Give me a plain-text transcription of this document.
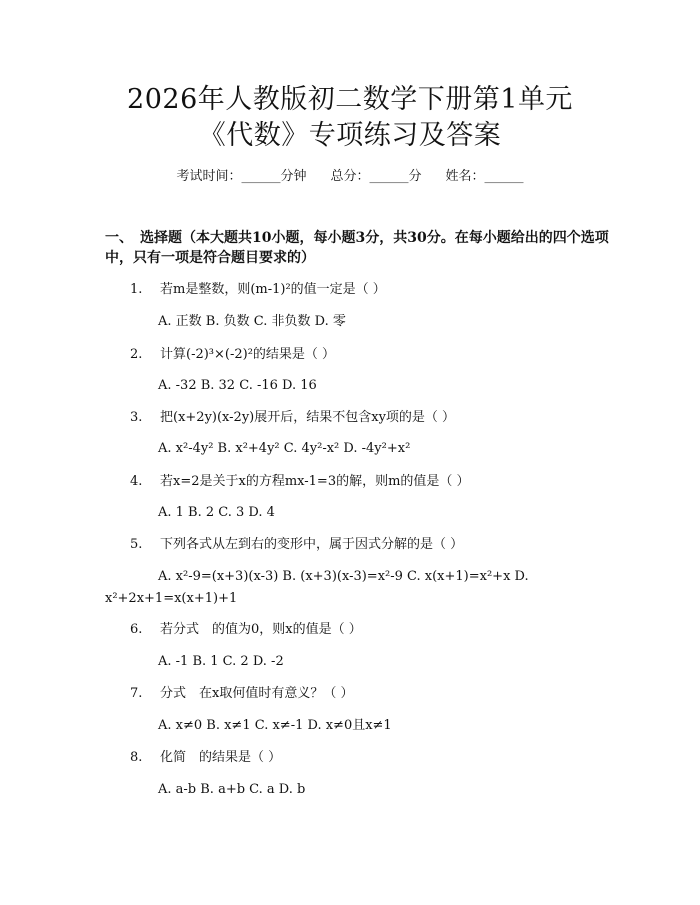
2026年人教版初二数学下册第1单元《代数》专项练习及答案
考试时间：______分钟 总分：______分 姓名：______
一、　选择题（本大题共10小题，每小题3分，共30分。在每小题给出的四个选项中，只有一项是符合题目要求的）
1. 若m是整数，则(m-1)²的值一定是（ ）
A. 正数 B. 负数 C. 非负数 D. 零
2. 计算(-2)³×(-2)²的结果是（ ）
A. -32 B. 32 C. -16 D. 16
3. 把(x+2y)(x-2y)展开后，结果不包含xy项的是（ ）
A. x²-4y² B. x²+4y² C. 4y²-x² D. -4y²+x²
4. 若x=2是关于x的方程mx-1=3的解，则m的值是（ ）
A. 1 B. 2 C. 3 D. 4
5. 下列各式从左到右的变形中，属于因式分解的是（ ）
A. x²-9=(x+3)(x-3) B. (x+3)(x-3)=x²-9 C. x(x+1)=x²+x D.
x²+2x+1=x(x+1)+1
6. 若分式　的值为0，则x的值是（ ）
A. -1 B. 1 C. 2 D. -2
7. 分式　在x取何值时有意义？（ ）
A. x≠0 B. x≠1 C. x≠-1 D. x≠0且x≠1
8. 化简　的结果是（ ）
A. a-b B. a+b C. a D. b
